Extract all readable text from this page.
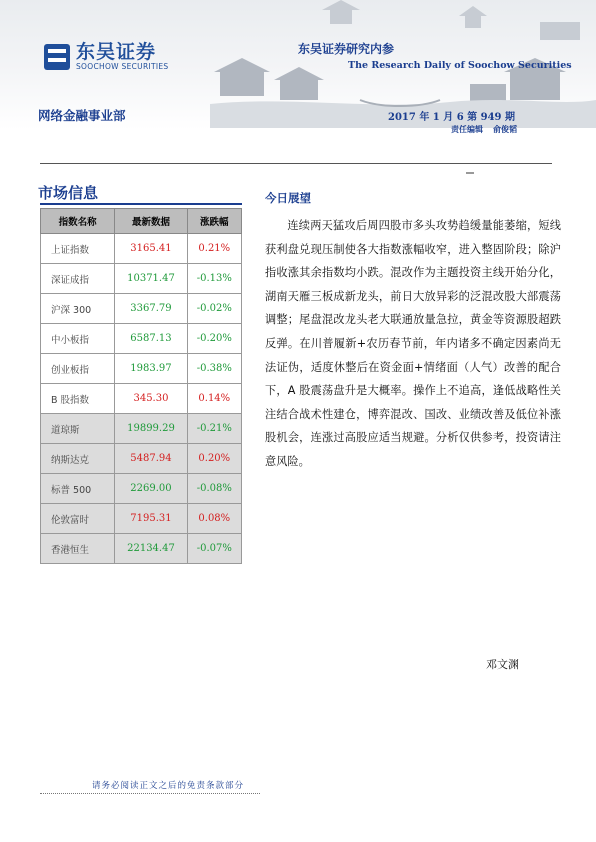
东吴证券
SOOCHOW SECURITIES
东吴证券研究内参
The Research Daily of Soochow Securities
网络金融事业部	2017 年 1 月 6 第 949 期
责任编辑 俞俊韬
市场信息
指数名称	最新数据	涨跌幅
上证指数	3165.41	0.21%
深证成指	10371.47	-0.13%
沪深 300	3367.79	-0.02%
中小板指	6587.13	-0.20%
创业板指	1983.97	-0.38%
B 股指数	345.30	0.14%
道琼斯	19899.29	-0.21%
纳斯达克	5487.94	0.20%
标普 500	2269.00	-0.08%
伦敦富时	7195.31	0.08%
香港恒生	22134.47	-0.07%
今日展望

连续两天猛攻后周四股市多头攻势趋缓量能萎缩，短线获利盘兑现压制使各大指数涨幅收窄，进入整固阶段；除沪指收涨其余指数均小跌。混改作为主题投资主线开始分化，湖南天雁三板成新龙头，前日大放异彩的泛混改股大部震荡调整；尾盘混改龙头老大联通放量急拉，黄金等资源股超跌反弹。在川普履新+农历春节前，年内诸多不确定因素尚无法证伪，适度休整后在资金面+情绪面（人气）改善的配合下，A 股震荡盘升是大概率。操作上不追高，逢低战略性关注结合战术性建仓，博弈混改、国改、业绩改善及低位补涨股机会，连涨过高股应适当规避。分析仅供参考，投资请注意风险。

邓文渊
请务必阅读正文之后的免责条款部分
